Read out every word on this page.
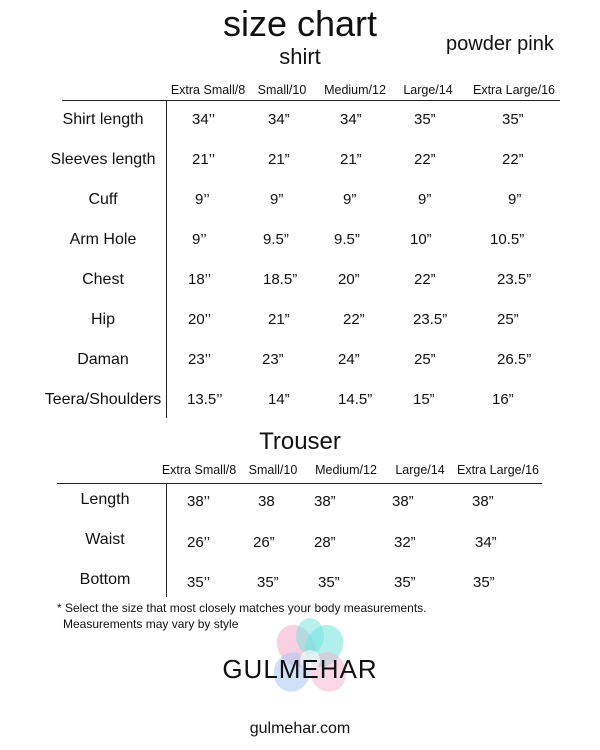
size chart
shirt	powder pink
Extra Small/8 Small/10 Medium/12 Large/14 Extra Large/16
Shirt length	34’’	34”	34”	35”	35”
Sleeves length 21’’	21”	21”	22”	22”
Cuff	9’’	9”	9”	9”	9”
Arm Hole	9’’	9.5”	9.5”	10”	10.5”
Chest	18’’	18.5”	20”	22”	23.5”
Hip	20’’	21”	22”	23.5”	25”
Daman	23’’	23”	24”	25”	26.5”
Teera/Shoulders 13.5’’	14”	14.5”	15”	16”
Trouser
Extra Small/8 Small/10 Medium/12 Large/14 Extra Large/16
Length	38’’	38	38”	38”	38”
Waist	26’’	26”	28”	32”	34”
Bottom	35’’	35”	35”	35”	35”
* Select the size that most closely matches your body measurements.
Measurements may vary by style
GULMEHAR
gulmehar.com
